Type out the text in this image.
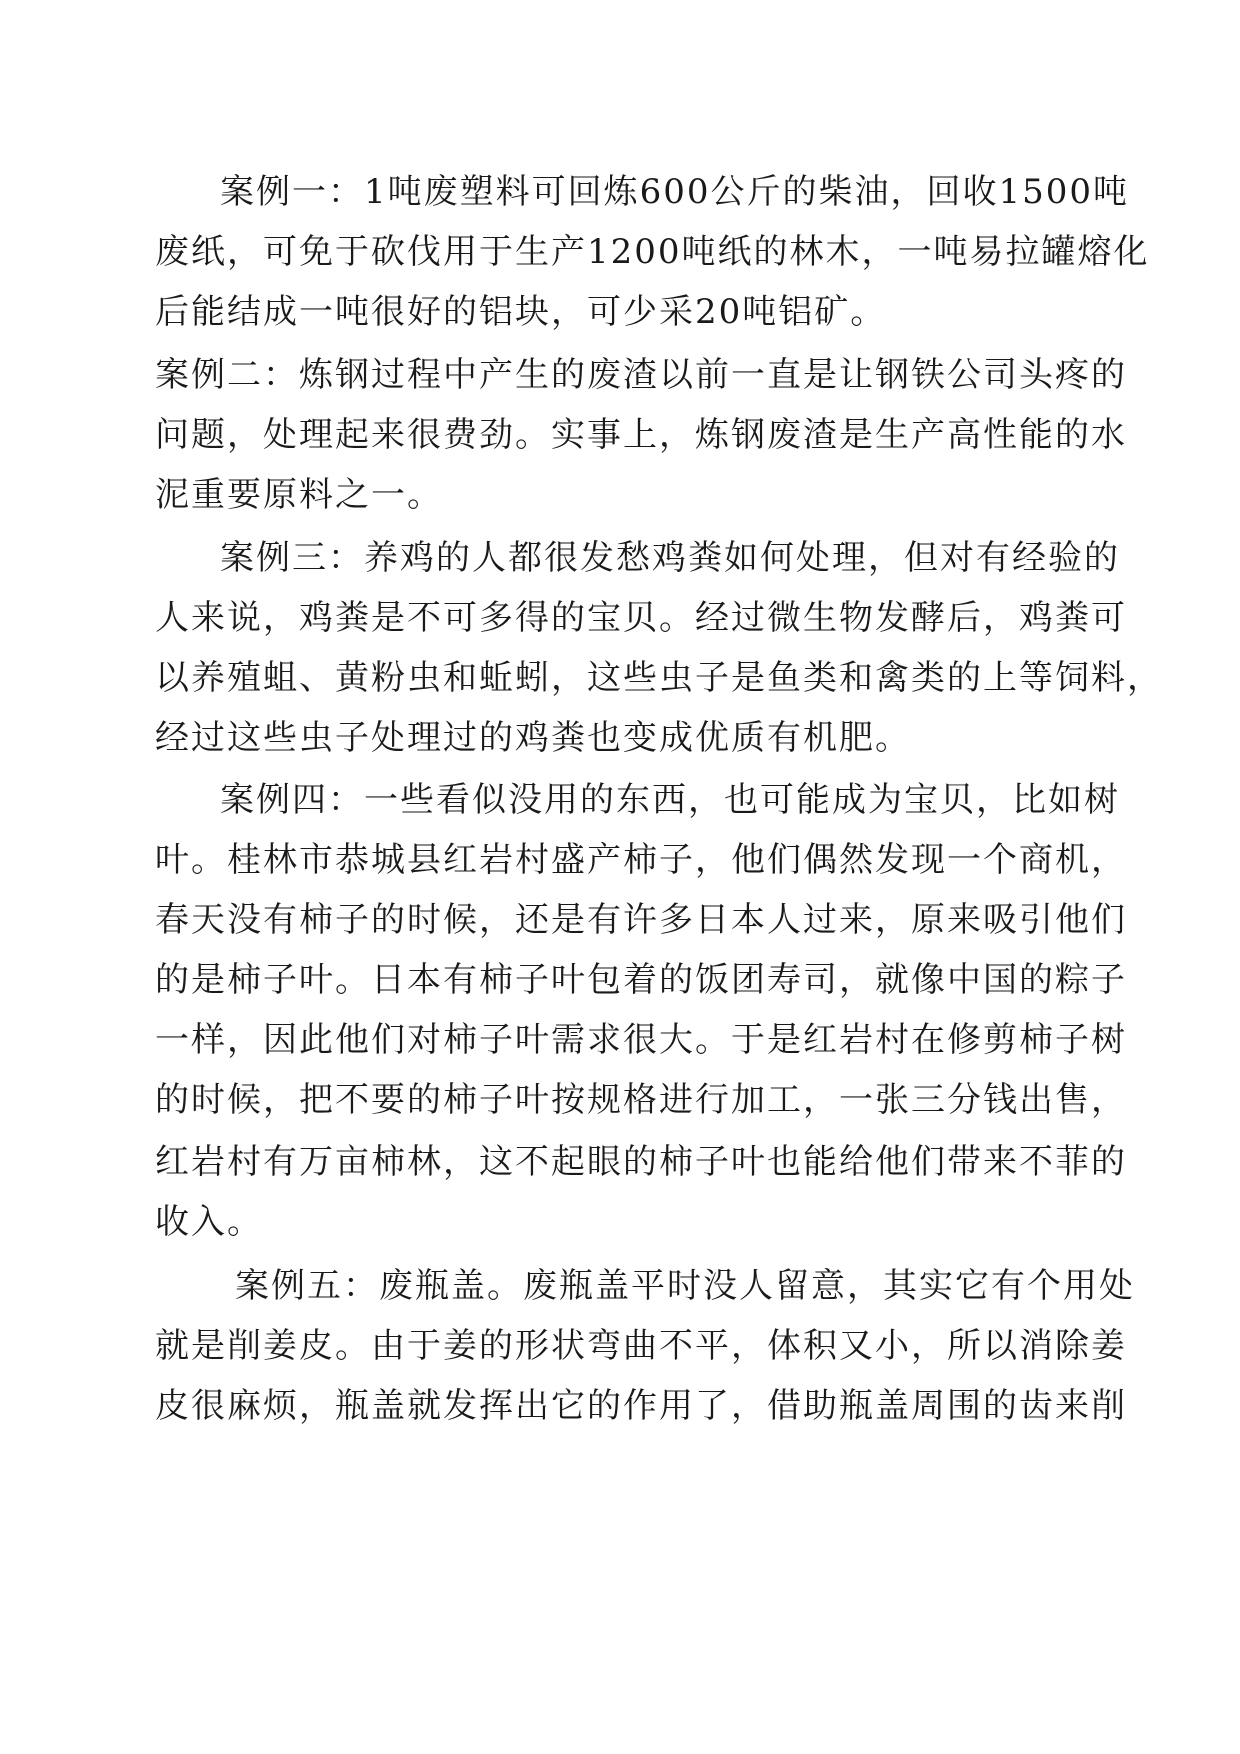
案例一：1吨废塑料可回炼600公斤的柴油，回收1500吨
废纸，可免于砍伐用于生产1200吨纸的林木，一吨易拉罐熔化
后能结成一吨很好的铝块，可少采20吨铝矿。
案例二：炼钢过程中产生的废渣以前一直是让钢铁公司头疼的
问题，处理起来很费劲。实事上，炼钢废渣是生产高性能的水
泥重要原料之一。
案例三：养鸡的人都很发愁鸡粪如何处理，但对有经验的
人来说，鸡粪是不可多得的宝贝。经过微生物发酵后，鸡粪可
以养殖蛆、黄粉虫和蚯蚓，这些虫子是鱼类和禽类的上等饲料，
经过这些虫子处理过的鸡粪也变成优质有机肥。
案例四：一些看似没用的东西，也可能成为宝贝，比如树
叶。桂林市恭城县红岩村盛产柿子，他们偶然发现一个商机，
春天没有柿子的时候，还是有许多日本人过来，原来吸引他们
的是柿子叶。日本有柿子叶包着的饭团寿司，就像中国的粽子
一样，因此他们对柿子叶需求很大。于是红岩村在修剪柿子树
的时候，把不要的柿子叶按规格进行加工，一张三分钱出售，
红岩村有万亩柿林，这不起眼的柿子叶也能给他们带来不菲的
收入。
案例五：废瓶盖。废瓶盖平时没人留意，其实它有个用处
就是削姜皮。由于姜的形状弯曲不平，体积又小，所以消除姜
皮很麻烦，瓶盖就发挥出它的作用了，借助瓶盖周围的齿来削
